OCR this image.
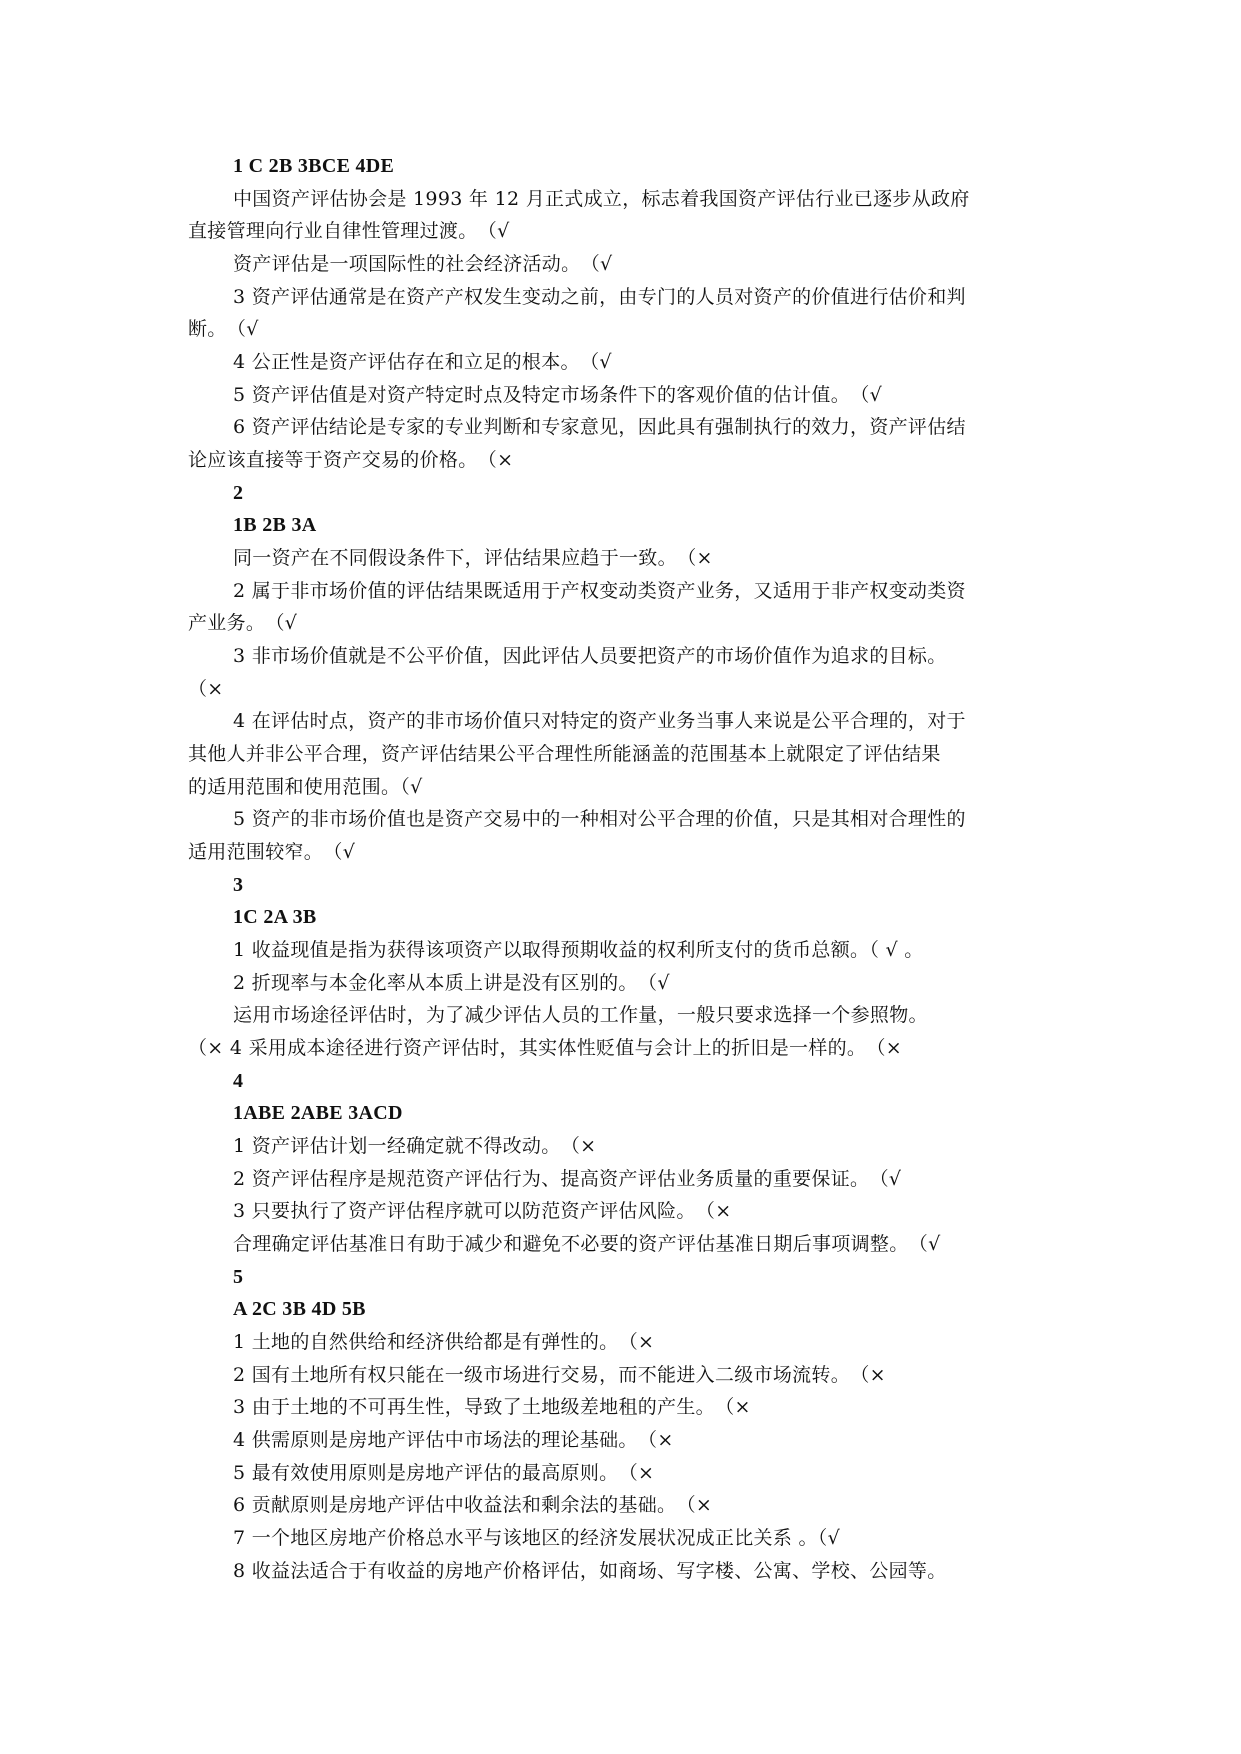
1 C 2B 3BCE 4DE
中国资产评估协会是 1993 年 12 月正式成立，标志着我国资产评估行业已逐步从政府
直接管理向行业自律性管理过渡。　（√
资产评估是一项国际性的社会经济活动。　（√
3 资产评估通常是在资产产权发生变动之前，由专门的人员对资产的价值进行估价和判
断。　（√
4 公正性是资产评估存在和立足的根本。　（√
5 资产评估值是对资产特定时点及特定市场条件下的客观价值的估计值。　（√
6 资产评估结论是专家的专业判断和专家意见，因此具有强制执行的效力，资产评估结
论应该直接等于资产交易的价格。　（×
2
1B 2B 3A
同一资产在不同假设条件下，评估结果应趋于一致。　（×
2 属于非市场价值的评估结果既适用于产权变动类资产业务，又适用于非产权变动类资
产业务。　（√
3 非市场价值就是不公平价值，因此评估人员要把资产的市场价值作为追求的目标。
（×
4 在评估时点，资产的非市场价值只对特定的资产业务当事人来说是公平合理的，对于
其他人并非公平合理，资产评估结果公平合理性所能涵盖的范围基本上就限定了评估结果
的适用范围和使用范围。（√
5 资产的非市场价值也是资产交易中的一种相对公平合理的价值，只是其相对合理性的
适用范围较窄。　（√
3
1C 2A 3B
1 收益现值是指为获得该项资产以取得预期收益的权利所支付的货币总额。（ √ 。
2 折现率与本金化率从本质上讲是没有区别的。　（√
运用市场途径评估时，为了减少评估人员的工作量，一般只要求选择一个参照物。
（× 4 采用成本途径进行资产评估时，其实体性贬值与会计上的折旧是一样的。　（×
4
1ABE 2ABE 3ACD
1 资产评估计划一经确定就不得改动。　（×
2 资产评估程序是规范资产评估行为、提高资产评估业务质量的重要保证。　（√
3 只要执行了资产评估程序就可以防范资产评估风险。　（×
合理确定评估基准日有助于减少和避免不必要的资产评估基准日期后事项调整。　（√
5
A 2C 3B 4D 5B
1 土地的自然供给和经济供给都是有弹性的。　（×
2 国有土地所有权只能在一级市场进行交易，而不能进入二级市场流转。　（×
3 由于土地的不可再生性，导致了土地级差地租的产生。　（×
4 供需原则是房地产评估中市场法的理论基础。　（×
5 最有效使用原则是房地产评估的最高原则。　（×
6 贡献原则是房地产评估中收益法和剩余法的基础。　（×
7 一个地区房地产价格总水平与该地区的经济发展状况成正比关系 。（√
8 收益法适合于有收益的房地产价格评估，如商场、写字楼、公寓、学校、公园等。
